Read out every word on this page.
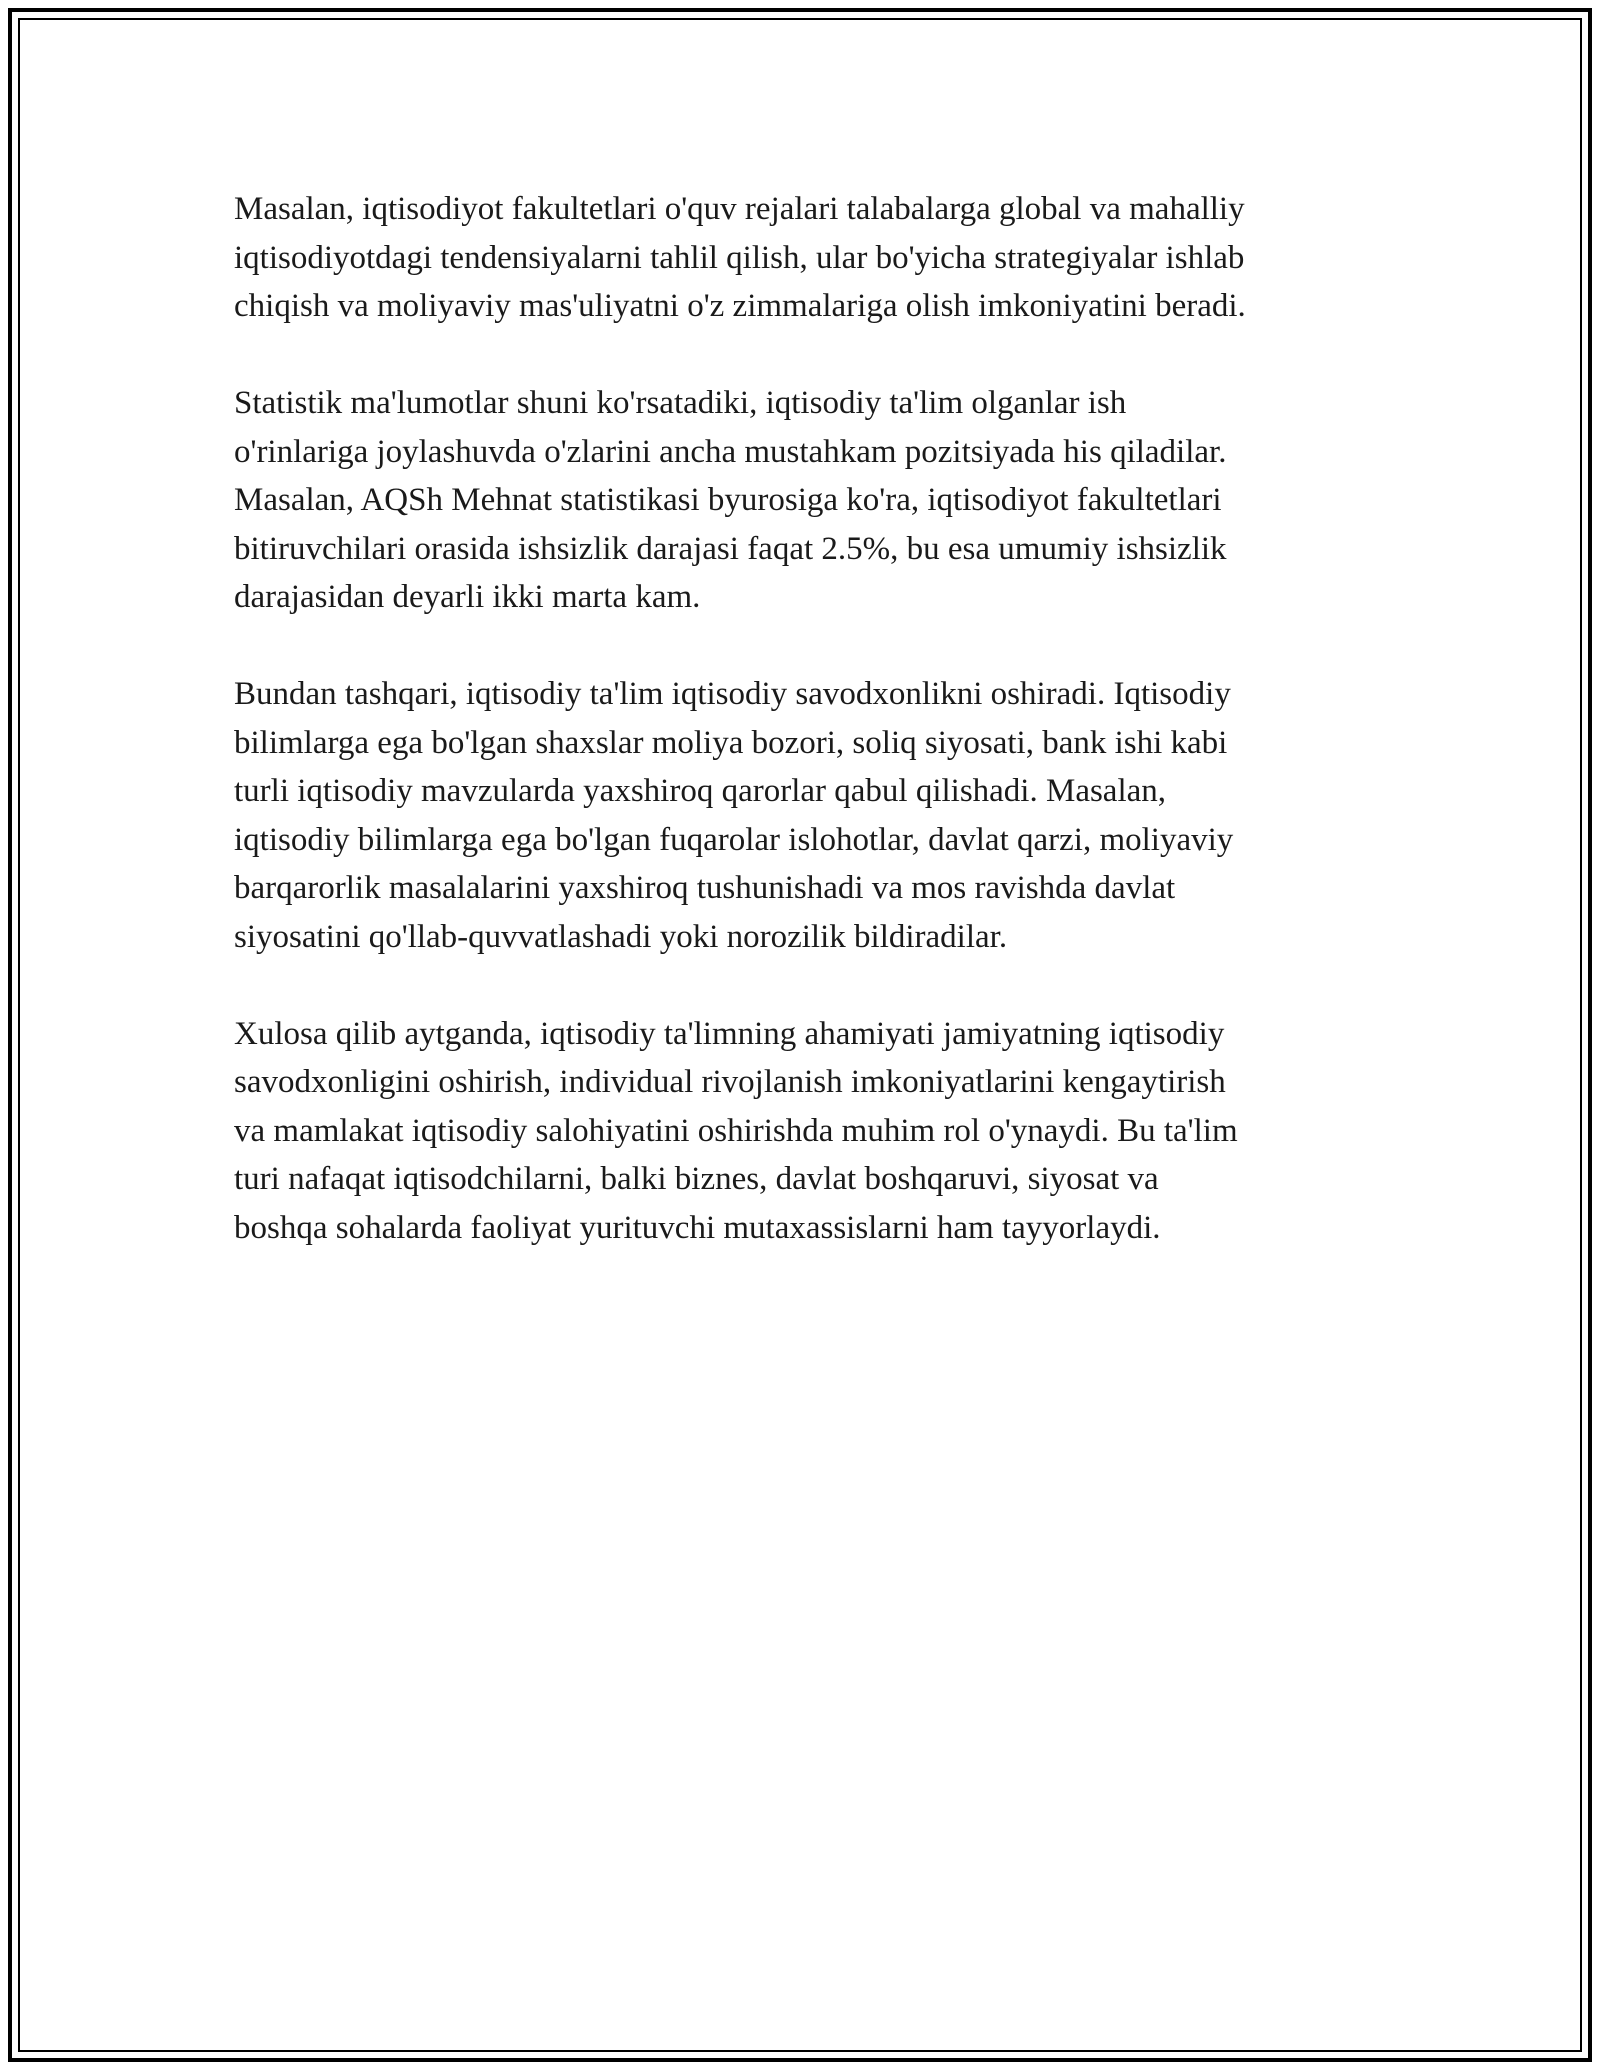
Masalan, iqtisodiyot fakultetlari o'quv rejalari talabalarga global va mahalliy
iqtisodiyotdagi tendensiyalarni tahlil qilish, ular bo'yicha strategiyalar ishlab
chiqish va moliyaviy mas'uliyatni o'z zimmalariga olish imkoniyatini beradi.

Statistik ma'lumotlar shuni ko'rsatadiki, iqtisodiy ta'lim olganlar ish
o'rinlariga joylashuvda o'zlarini ancha mustahkam pozitsiyada his qiladilar.
Masalan, AQSh Mehnat statistikasi byurosiga ko'ra, iqtisodiyot fakultetlari
bitiruvchilari orasida ishsizlik darajasi faqat 2.5%, bu esa umumiy ishsizlik
darajasidan deyarli ikki marta kam.

Bundan tashqari, iqtisodiy ta'lim iqtisodiy savodxonlikni oshiradi. Iqtisodiy
bilimlarga ega bo'lgan shaxslar moliya bozori, soliq siyosati, bank ishi kabi
turli iqtisodiy mavzularda yaxshiroq qarorlar qabul qilishadi. Masalan,
iqtisodiy bilimlarga ega bo'lgan fuqarolar islohotlar, davlat qarzi, moliyaviy
barqarorlik masalalarini yaxshiroq tushunishadi va mos ravishda davlat
siyosatini qo'llab-quvvatlashadi yoki norozilik bildiradilar.

Xulosa qilib aytganda, iqtisodiy ta'limning ahamiyati jamiyatning iqtisodiy
savodxonligini oshirish, individual rivojlanish imkoniyatlarini kengaytirish
va mamlakat iqtisodiy salohiyatini oshirishda muhim rol o'ynaydi. Bu ta'lim
turi nafaqat iqtisodchilarni, balki biznes, davlat boshqaruvi, siyosat va
boshqa sohalarda faoliyat yurituvchi mutaxassislarni ham tayyorlaydi.
